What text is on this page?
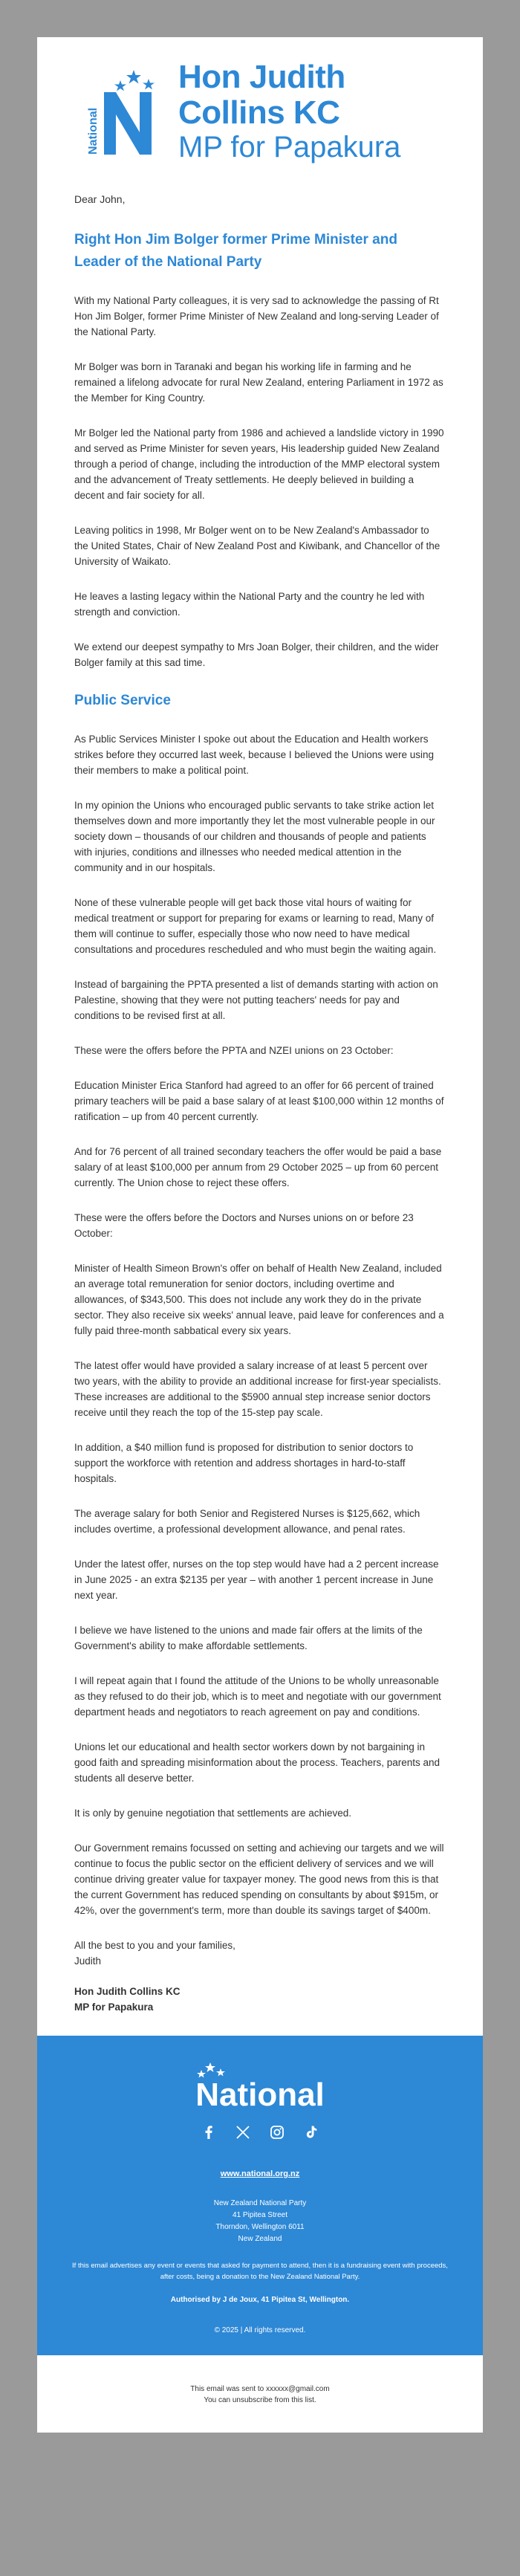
National
Hon Judith Collins KC
MP for Papakura

Dear John,

Right Hon Jim Bolger former Prime Minister and Leader of the National Party

With my National Party colleagues, it is very sad to acknowledge the passing of Rt Hon Jim Bolger, former Prime Minister of New Zealand and long-serving Leader of the National Party.

Mr Bolger was born in Taranaki and began his working life in farming and he remained a lifelong advocate for rural New Zealand, entering Parliament in 1972 as the Member for King Country.

Mr Bolger led the National party from 1986 and achieved a landslide victory in 1990 and served as Prime Minister for seven years, His leadership guided New Zealand through a period of change, including the introduction of the MMP electoral system and the advancement of Treaty settlements. He deeply believed in building a decent and fair society for all.

Leaving politics in 1998, Mr Bolger went on to be New Zealand's Ambassador to the United States, Chair of New Zealand Post and Kiwibank, and Chancellor of the University of Waikato.

He leaves a lasting legacy within the National Party and the country he led with strength and conviction.

We extend our deepest sympathy to Mrs Joan Bolger, their children, and the wider Bolger family at this sad time.

Public Service

As Public Services Minister I spoke out about the Education and Health workers strikes before they occurred last week, because I believed the Unions were using their members to make a political point.

In my opinion the Unions who encouraged public servants to take strike action let themselves down and more importantly they let the most vulnerable people in our society down – thousands of our children and thousands of people and patients with injuries, conditions and illnesses who needed medical attention in the community and in our hospitals.

None of these vulnerable people will get back those vital hours of waiting for medical treatment or support for preparing for exams or learning to read, Many of them will continue to suffer, especially those who now need to have medical consultations and procedures rescheduled and who must begin the waiting again.

Instead of bargaining the PPTA presented a list of demands starting with action on Palestine, showing that they were not putting teachers' needs for pay and conditions to be revised first at all.

These were the offers before the PPTA and NZEI unions on 23 October:

Education Minister Erica Stanford had agreed to an offer for 66 percent of trained primary teachers will be paid a base salary of at least $100,000 within 12 months of ratification – up from 40 percent currently.

And for 76 percent of all trained secondary teachers the offer would be paid a base salary of at least $100,000 per annum from 29 October 2025 – up from 60 percent currently. The Union chose to reject these offers.

These were the offers before the Doctors and Nurses unions on or before 23 October:

Minister of Health Simeon Brown's offer on behalf of Health New Zealand, included an average total remuneration for senior doctors, including overtime and allowances, of $343,500. This does not include any work they do in the private sector. They also receive six weeks' annual leave, paid leave for conferences and a fully paid three-month sabbatical every six years.

The latest offer would have provided a salary increase of at least 5 percent over two years, with the ability to provide an additional increase for first-year specialists. These increases are additional to the $5900 annual step increase senior doctors receive until they reach the top of the 15-step pay scale.

In addition, a $40 million fund is proposed for distribution to senior doctors to support the workforce with retention and address shortages in hard-to-staff hospitals.

The average salary for both Senior and Registered Nurses is $125,662, which includes overtime, a professional development allowance, and penal rates.

Under the latest offer, nurses on the top step would have had a 2 percent increase in June 2025 - an extra $2135 per year – with another 1 percent increase in June next year.

I believe we have listened to the unions and made fair offers at the limits of the Government's ability to make affordable settlements.

I will repeat again that I found the attitude of the Unions to be wholly unreasonable as they refused to do their job, which is to meet and negotiate with our government department heads and negotiators to reach agreement on pay and conditions.

Unions let our educational and health sector workers down by not bargaining in good faith and spreading misinformation about the process. Teachers, parents and students all deserve better.

It is only by genuine negotiation that settlements are achieved.

Our Government remains focussed on setting and achieving our targets and we will continue to focus the public sector on the efficient delivery of services and we will continue driving greater value for taxpayer money. The good news from this is that the current Government has reduced spending on consultants by about $915m, or 42%, over the government's term, more than double its savings target of $400m.

All the best to you and your families,

Judith

Hon Judith Collins KC

MP for Papakura

National
www.national.org.nz
New Zealand National Party
41 Pipitea Street
Thorndon, Wellington 6011
New Zealand

If this email advertises any event or events that asked for payment to attend, then it is a fundraising event with proceeds, after costs, being a donation to the New Zealand National Party.

Authorised by J de Joux, 41 Pipitea St, Wellington.

© 2025 | All rights reserved.

This email was sent to xxxxxx@gmail.com
You can unsubscribe from this list.
